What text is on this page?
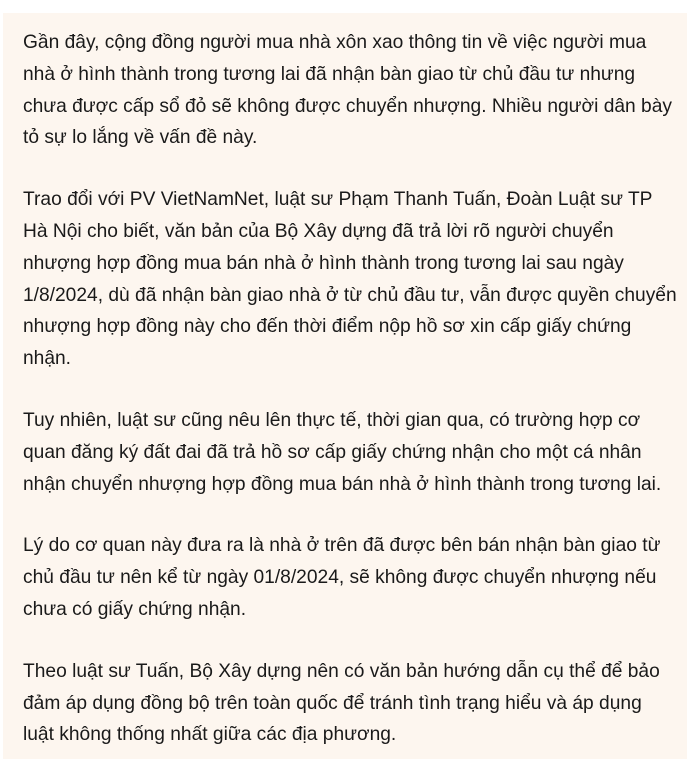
Gần đây, cộng đồng người mua nhà xôn xao thông tin về việc người mua nhà ở hình thành trong tương lai đã nhận bàn giao từ chủ đầu tư nhưng chưa được cấp sổ đỏ sẽ không được chuyển nhượng. Nhiều người dân bày tỏ sự lo lắng về vấn đề này.

Trao đổi với PV VietNamNet, luật sư Phạm Thanh Tuấn, Đoàn Luật sư TP Hà Nội cho biết, văn bản của Bộ Xây dựng đã trả lời rõ người chuyển nhượng hợp đồng mua bán nhà ở hình thành trong tương lai sau ngày 1/8/2024, dù đã nhận bàn giao nhà ở từ chủ đầu tư, vẫn được quyền chuyển nhượng hợp đồng này cho đến thời điểm nộp hồ sơ xin cấp giấy chứng nhận.

Tuy nhiên, luật sư cũng nêu lên thực tế, thời gian qua, có trường hợp cơ quan đăng ký đất đai đã trả hồ sơ cấp giấy chứng nhận cho một cá nhân nhận chuyển nhượng hợp đồng mua bán nhà ở hình thành trong tương lai.

Lý do cơ quan này đưa ra là nhà ở trên đã được bên bán nhận bàn giao từ chủ đầu tư nên kể từ ngày 01/8/2024, sẽ không được chuyển nhượng nếu chưa có giấy chứng nhận.

Theo luật sư Tuấn, Bộ Xây dựng nên có văn bản hướng dẫn cụ thể để bảo đảm áp dụng đồng bộ trên toàn quốc để tránh tình trạng hiểu và áp dụng luật không thống nhất giữa các địa phương.
